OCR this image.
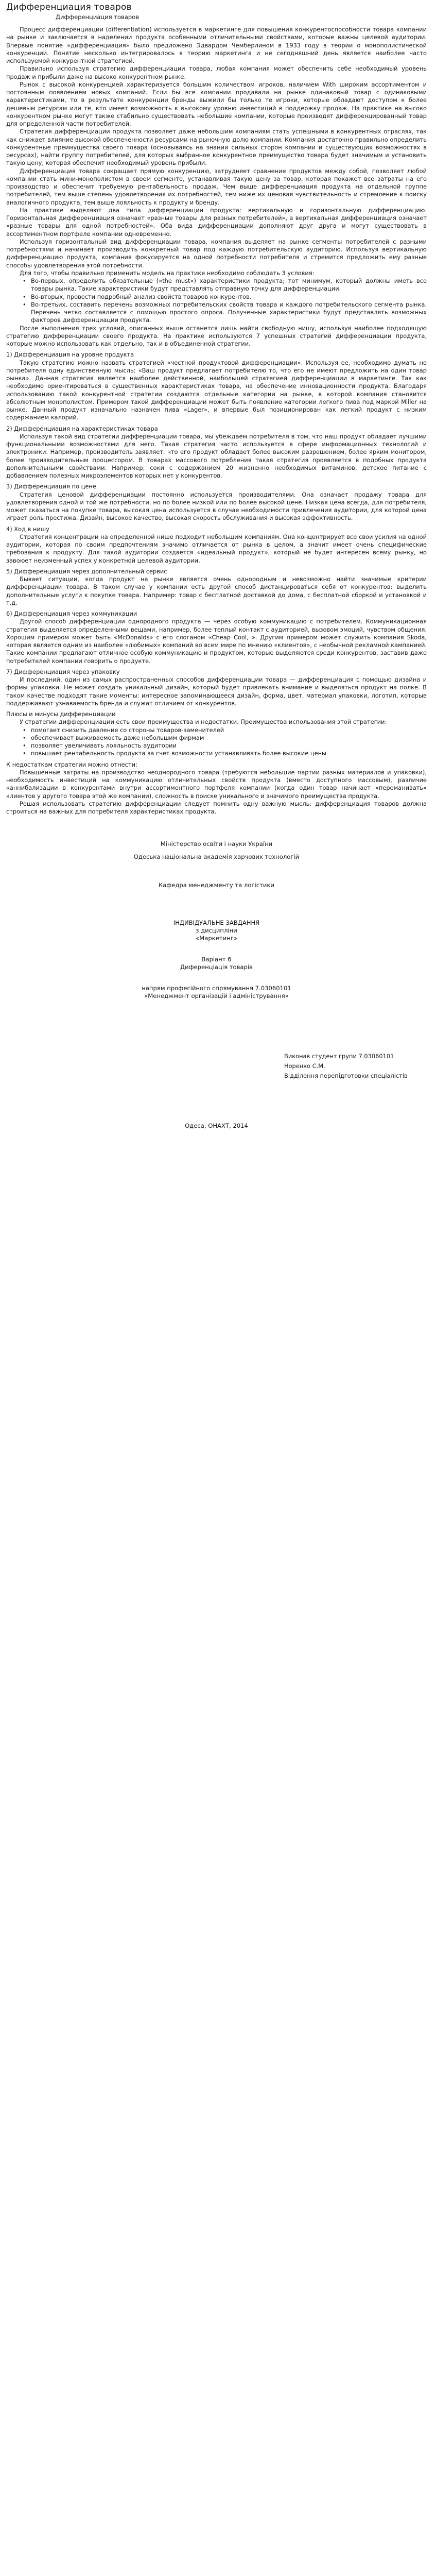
Дифференциация товаров
Дифференциация товаров

Процесс дифференциации (differentiation) используется в маркетинге для повышения конкурентоспособности товара компании на рынке и заключается в наделении продукта особенными отличительными свойствами, которые важны целевой аудитории. Впервые понятие «дифференциация» было предложено Эдвардом Чемберлином в 1933 году в теории о монополистической конкуренции. Понятие несколько интегрировалось в теорию маркетинга и не сегодняшний день является наиболее часто используемой конкурентной стратегией.

Правильно используя стратегию дифференциации товара, любая компания может обеспечить себе необходимый уровень продаж и прибыли даже на высоко конкурентном рынке.

Рынок с высокой конкуренцией характеризуется большим количеством игроков, наличием With широким ассортиментом и постоянным появлением новых компаний. Если бы все компании продавали на рынке одинаковый товар с одинаковыми характеристиками, то в результате конкуренции бренды выжили бы только те игроки, которые обладают доступом к более дешевым ресурсам или те, кто имеет возможность к высокому уровню инвестиций в поддержку продаж. На практике на высоко конкурентном рынке могут также стабильно существовать небольшие компании, которые производят дифференцированный товар для определенной части потребителей.

Стратегия дифференциации продукта позволяет даже небольшим компаниям стать успешными в конкурентных отраслях, так как снижает влияние высокой обеспеченности ресурсами на рыночную долю компании. Компания достаточно правильно определить конкурентные преимущества своего товара (основываясь на знании сильных сторон компании и существующих возможностях в ресурсах), найти группу потребителей, для которых выбранное конкурентное преимущество товара будет значимым и установить такую цену, которая обеспечит необходимый уровень прибыли.

Дифференциация товара сокращает прямую конкуренцию, затрудняет сравнение продуктов между собой, позволяет любой компании стать мини-монополистом в своем сегменте, устанавливая такую цену за товар, которая покажет все затраты на его производство и обеспечит требуемую рентабельность продаж. Чем выше дифференциация продукта на отдельной группе потребителей, тем выше степень удовлетворения их потребностей, тем ниже их ценовая чувствительность и стремление к поиску аналогичного продукта, тем выше лояльность к продукту и бренду.

На практике выделяют два типа дифференциации продукта: вертикальную и горизонтальную дифференциацию. Горизонтальная дифференциация означает «разные товары для разных потребителей», а вертикальная дифференциация означает «разные товары для одной потребностей». Оба вида дифференциации дополняют друг друга и могут существовать в ассортиментном портфеле компании одновременно.

Используя горизонтальный вид дифференциации товара, компания выделяет на рынке сегменты потребителей с разными потребностями и начинает производить конкретный товар под каждую потребительскую аудиторию. Используя вертикальную дифференциацию продукта, компания фокусируется на одной потребности потребителя и стремится предложить ему разные способы удовлетворения этой потребности.

Для того, чтобы правильно применить модель на практике необходимо соблюдать 3 условия:

• Во-первых, определить обязательные («the must») характеристики продукта; тот минимум, который должны иметь все товары рынка. Такие характеристики будут представлять отправную точку для дифференциации.
• Во-вторых, провести подробный анализ свойств товаров конкурентов.
• Во-третьих, составить перечень возможных потребительских свойств товара и каждого потребительского сегмента рынка. Перечень четко составляется с помощью простого опроса. Полученные характеристики будут представлять возможных факторов дифференциации продукта.

После выполнения трех условий, описанных выше останется лишь найти свободную нишу, используя наиболее подходящую стратегию дифференциации своего продукта. На практике используются 7 успешных стратегий дифференциации продукта, которые можно использовать как отдельно, так и в объединенной стратегии.

1) Дифференциация на уровне продукта

Такую стратегию можно назвать стратегией «честной продуктовой дифференциации». Используя ее, необходимо думать не потребителя одну единственную мысль: «Ваш продукт предлагает потребителю то, что его не имеют предложить на один товар рынка». Данная стратегия является наиболее действенной, наибольшей стратегией дифференциации в маркетинге. Так как необходимо ориентироваться в существенных характеристиках товара, на обеспечение инновационности продукта. Благодаря использованию такой конкурентной стратегии создаются отдельные категории на рынке, в которой компания становится абсолютным монополистом. Примером такой дифференциации может быть появление категории легкого пива под маркой Miller на рынке. Данный продукт изначально назначен пива «Lager», и впервые был позиционирован как легкий продукт с низким содержанием калорий.

2) Дифференциация на характеристиках товара

Используя такой вид стратегии дифференциации товара, мы убеждаем потребителя в том, что наш продукт обладает лучшими функциональными возможностями для него. Такая стратегия часто используется в сфере информационных технологий и электроники. Например, производитель заявляет, что его продукт обладает более высоким разрешением, более ярким монитором, более производительным процессором. В товарах массового потребления такая стратегия проявляется в подобных продукта дополнительными свойствами. Например, соки с содержанием 20 жизненно необходимых витаминов, детское питание с добавлением полезных микроэлементов которых нет у конкурентов.

3) Дифференциация по цене

Стратегия ценовой дифференциации постоянно используется производителями. Она означает продажу товара для удовлетворения одной и той же потребности, но по более низкой или по более высокой цене. Низкая цена всегда, для потребителя, может сказаться на покупке товара, высокая цена используется в случае необходимости привлечения аудитории, для которой цена играет роль престижа. Дизайн, высокое качество, высокая скорость обслуживания и высокая эффективность.

4) Ход в нишу

Стратегия концентрации на определенной нише подходит небольшим компаниям. Она концентрирует все свои усилия на одной аудитории, которая по своим предпочтениям значимо отличается от рынка в целом, а значит имеет очень специфические требования к продукту. Для такой аудитории создается «идеальный продукт», который не будет интересен всему рынку, но завоюет неизменный успех у конкретной целевой аудитории.

5) Дифференциация через дополнительный сервис

Бывает ситуации, когда продукт на рынке является очень однородным и невозможно найти значимые критерии дифференциации товара. В таком случае у компании есть другой способ дистанцироваться себя от конкурентов: выделить дополнительные услуги к покупке товара. Например: товар с бесплатной доставкой до дома, с бесплатной сборкой и установкой и т.д.

6) Дифференциация через коммуникации

Другой способ дифференциации однородного продукта — через особую коммуникацию с потребителем. Коммуникационная стратегия выделяется определенными вещами, например, более теплый контакт с аудиторией, вызовом эмоций, чувством общения. Хорошим примером может быть «McDonalds» с его слоганом «Cheap Cool, ». Другим примером может служить компания Skoda, которая является одним из наиболее «любимых» компаний во всем мире по мнению «клиентов», с необычной рекламной кампанией. Такие компании предлагают отличное особую коммуникацию и продуктом, которые выделяются среди конкурентов, заставив даже потребителей компании говорить о продукте.

7) Дифференциация через упаковку

И последний, один из самых распространенных способов дифференциации товара — дифференциация с помощью дизайна и формы упаковки. Не может создать уникальный дизайн, который будет привлекать внимание и выделяться продукт на полке. В таком качестве подходят такие моменты: интересное запоминающееся дизайн, форма, цвет, материал упаковки, логотип, которые поддерживают узнаваемость бренда и служат отличием от конкурентов.

Плюсы и минусы дифференциации

У стратегии дифференциации есть свои преимущества и недостатки. Преимущества использования этой стратегии:

• помогает снизить давление со стороны товаров-заменителей
• обеспечивает выживаемость даже небольшим фирмам
• позволяет увеличивать лояльность аудитории
• повышает рентабельность продукта за счет возможности устанавливать более высокие цены

К недостаткам стратегии можно отнести:

Повышенные затраты на производство неоднородного товара (требуются небольшие партии разных материалов и упаковки), необходимость инвестиций на коммуникацию отличительных свойств продукта (вместо доступного массовым), различие каннибализации в конкурентами внутри ассортиментного портфеля компании (когда один товар начинает «переманивать» клиентов у другого товара этой же компании), сложность в поиске уникального и значимого преимущества продукта.

Решая использовать стратегию дифференциации следует помнить одну важную мысль: дифференциация товаров должна строиться на важных для потребителя характеристиках продукта.

Міністерство освіти і науки України
Одеська національна академія харчових технологій
Кафедра менеджменту та логістики
ІНДИВІДУАЛЬНЕ ЗАВДАННЯ
з дисципліни
«Маркетинг»
Варіант 6
Диференціація товарів
напрям професійного спрямування 7.03060101
«Менеджмент організацій і адміністрування»
Виконав студент групи 7.03060101
Норенко С.М.
Відділення перепідготовки спеціалістів
Одеса, ОНАХТ, 2014
